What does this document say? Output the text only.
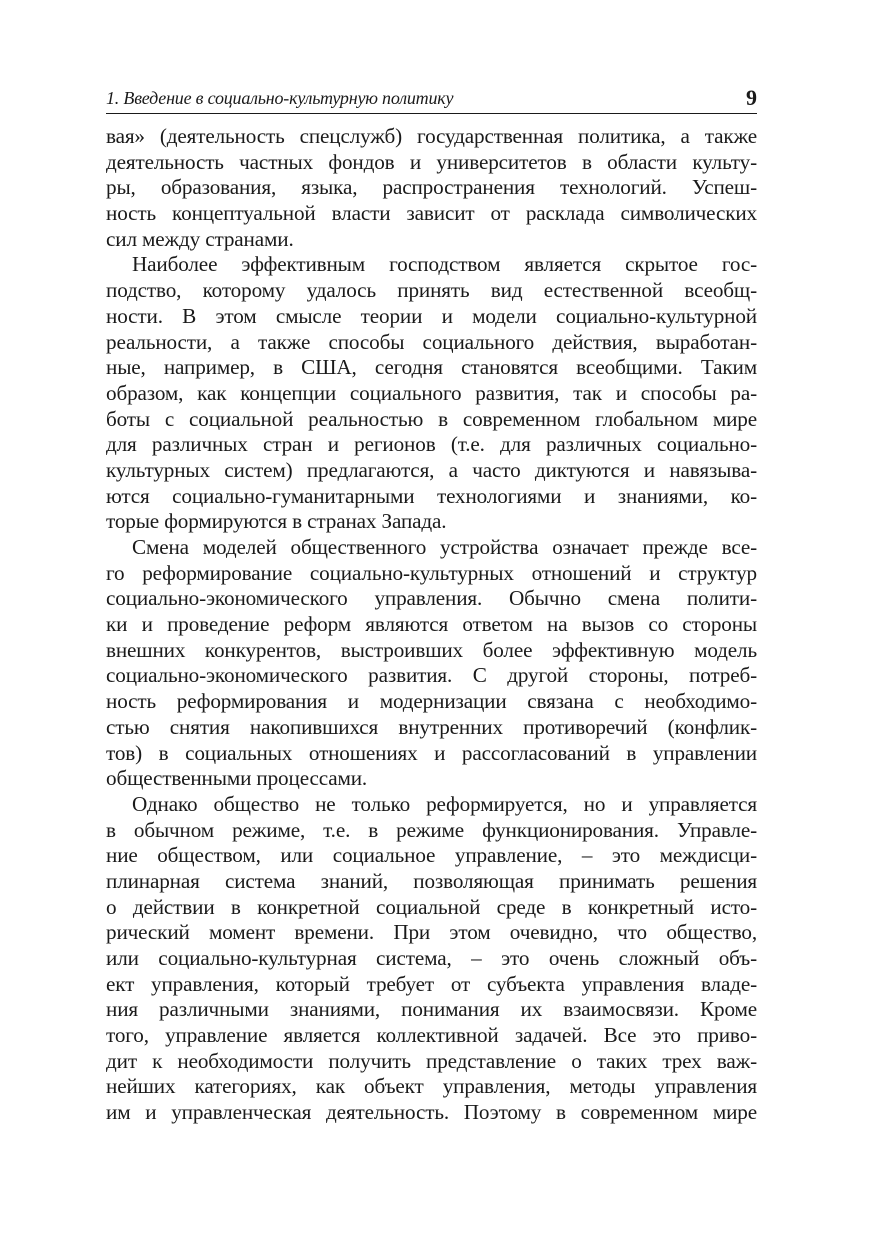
1. Введение в социально-культурную политику	9
вая» (деятельность спецслужб) государственная политика, а также
деятельность частных фондов и университетов в области культу-
ры, образования, языка, распространения технологий. Успеш-
ность концептуальной власти зависит от расклада символических
сил между странами.
Наиболее эффективным господством является скрытое гос-
подство, которому удалось принять вид естественной всеобщ-
ности. В этом смысле теории и модели социально-культурной
реальности, а также способы социального действия, выработан-
ные, например, в США, сегодня становятся всеобщими. Таким
образом, как концепции социального развития, так и способы ра-
боты с социальной реальностью в современном глобальном мире
для различных стран и регионов (т.е. для различных социально-
культурных систем) предлагаются, а часто диктуются и навязыва-
ются социально-гуманитарными технологиями и знаниями, ко-
торые формируются в странах Запада.
Смена моделей общественного устройства означает прежде все-
го реформирование социально-культурных отношений и структур
социально-экономического управления. Обычно смена полити-
ки и проведение реформ являются ответом на вызов со стороны
внешних конкурентов, выстроивших более эффективную модель
социально-экономического развития. С другой стороны, потреб-
ность реформирования и модернизации связана с необходимо-
стью снятия накопившихся внутренних противоречий (конфлик-
тов) в социальных отношениях и рассогласований в управлении
общественными процессами.
Однако общество не только реформируется, но и управляется
в обычном режиме, т.е. в режиме функционирования. Управле-
ние обществом, или социальное управление, – это междисци-
плинарная система знаний, позволяющая принимать решения
о действии в конкретной социальной среде в конкретный исто-
рический момент времени. При этом очевидно, что общество,
или социально-культурная система, – это очень сложный объ-
ект управления, который требует от субъекта управления владе-
ния различными знаниями, понимания их взаимосвязи. Кроме
того, управление является коллективной задачей. Все это приво-
дит к необходимости получить представление о таких трех важ-
нейших категориях, как объект управления, методы управления
им и управленческая деятельность. Поэтому в современном мире
